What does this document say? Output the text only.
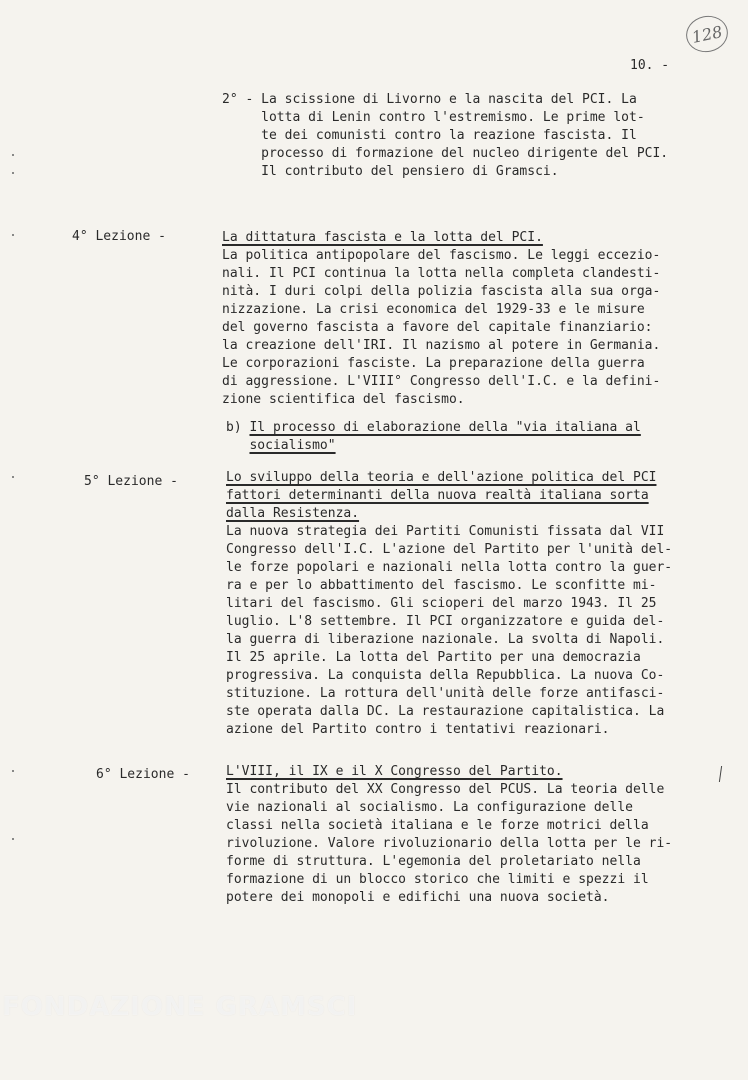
128
10. -
2° - La scissione di Livorno e la nascita del PCI. La
lotta di Lenin contro l'estremismo. Le prime lot-
te dei comunisti contro la reazione fascista. Il
processo di formazione del nucleo dirigente del PCI.
Il contributo del pensiero di Gramsci.
4° Lezione -	La dittatura fascista e la lotta del PCI.
La politica antipopolare del fascismo. Le leggi eccezio-
nali. Il PCI continua la lotta nella completa clandesti-
nità. I duri colpi della polizia fascista alla sua orga-
nizzazione. La crisi economica del 1929-33 e le misure
del governo fascista a favore del capitale finanziario:
la creazione dell'IRI. Il nazismo al potere in Germania.
Le corporazioni fasciste. La preparazione della guerra
di aggressione. L'VIII° Congresso dell'I.C. e la defini-
zione scientifica del fascismo.
b) Il processo di elaborazione della "via italiana al
socialismo"
5° Lezione -	Lo sviluppo della teoria e dell'azione politica del PCI
fattori determinanti della nuova realtà italiana sorta
dalla Resistenza.
La nuova strategia dei Partiti Comunisti fissata dal VII
Congresso dell'I.C. L'azione del Partito per l'unità del-
le forze popolari e nazionali nella lotta contro la guer-
ra e per lo abbattimento del fascismo. Le sconfitte mi-
litari del fascismo. Gli scioperi del marzo 1943. Il 25
luglio. L'8 settembre. Il PCI organizzatore e guida del-
la guerra di liberazione nazionale. La svolta di Napoli.
Il 25 aprile. La lotta del Partito per una democrazia
progressiva. La conquista della Repubblica. La nuova Co-
stituzione. La rottura dell'unità delle forze antifasci-
ste operata dalla DC. La restaurazione capitalistica. La
azione del Partito contro i tentativi reazionari.
6° Lezione -	L'VIII, il IX e il X Congresso del Partito.
Il contributo del XX Congresso del PCUS. La teoria delle
vie nazionali al socialismo. La configurazione delle
classi nella società italiana e le forze motrici della
rivoluzione. Valore rivoluzionario della lotta per le ri-
forme di struttura. L'egemonia del proletariato nella
formazione di un blocco storico che limiti e spezzi il
potere dei monopoli e edifichi una nuova società.
FONDAZIONE GRAMSCI
